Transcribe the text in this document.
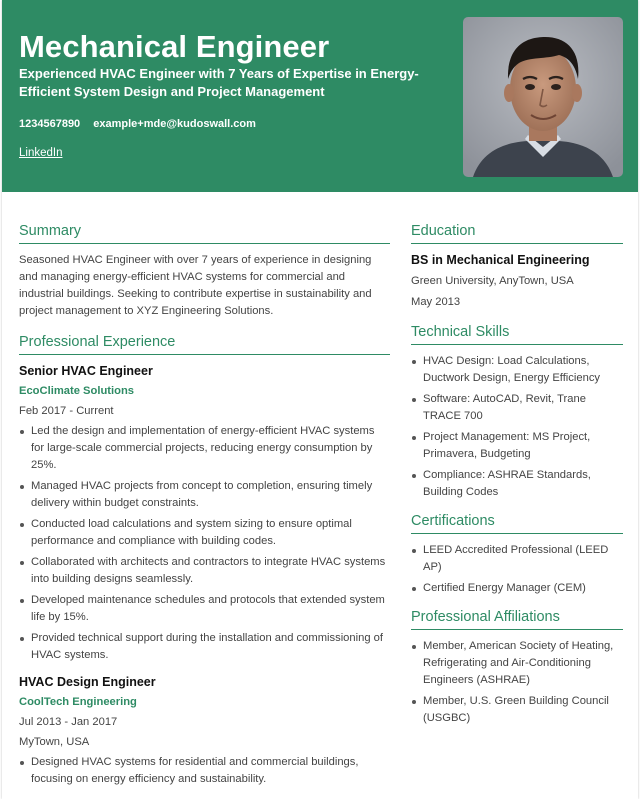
Mechanical Engineer

Experienced HVAC Engineer with 7 Years of Expertise in Energy-Efficient System Design and Project Management

1234567890 example+mde@kudoswall.com

LinkedIn
Summary

Seasoned HVAC Engineer with over 7 years of experience in designing and managing energy-efficient HVAC systems for commercial and industrial buildings. Seeking to contribute expertise in sustainability and project management to XYZ Engineering Solutions.

Professional Experience

Senior HVAC Engineer

EcoClimate Solutions

Feb 2017 - Current

Led the design and implementation of energy-efficient HVAC systems for large-scale commercial projects, reducing energy consumption by 25%.
Managed HVAC projects from concept to completion, ensuring timely delivery within budget constraints.
Conducted load calculations and system sizing to ensure optimal performance and compliance with building codes.
Collaborated with architects and contractors to integrate HVAC systems into building designs seamlessly.
Developed maintenance schedules and protocols that extended system life by 15%.
Provided technical support during the installation and commissioning of HVAC systems.

HVAC Design Engineer

CoolTech Engineering

Jul 2013 - Jan 2017

MyTown, USA

Designed HVAC systems for residential and commercial buildings, focusing on energy efficiency and sustainability.
Education

BS in Mechanical Engineering

Green University, AnyTown, USA

May 2013

Technical Skills
HVAC Design: Load Calculations, Ductwork Design, Energy Efficiency
Software: AutoCAD, Revit, Trane TRACE 700
Project Management: MS Project, Primavera, Budgeting
Compliance: ASHRAE Standards, Building Codes
Certifications
LEED Accredited Professional (LEED AP)
Certified Energy Manager (CEM)
Professional Affiliations
Member, American Society of Heating, Refrigerating and Air-Conditioning Engineers (ASHRAE)
Member, U.S. Green Building Council (USGBC)
